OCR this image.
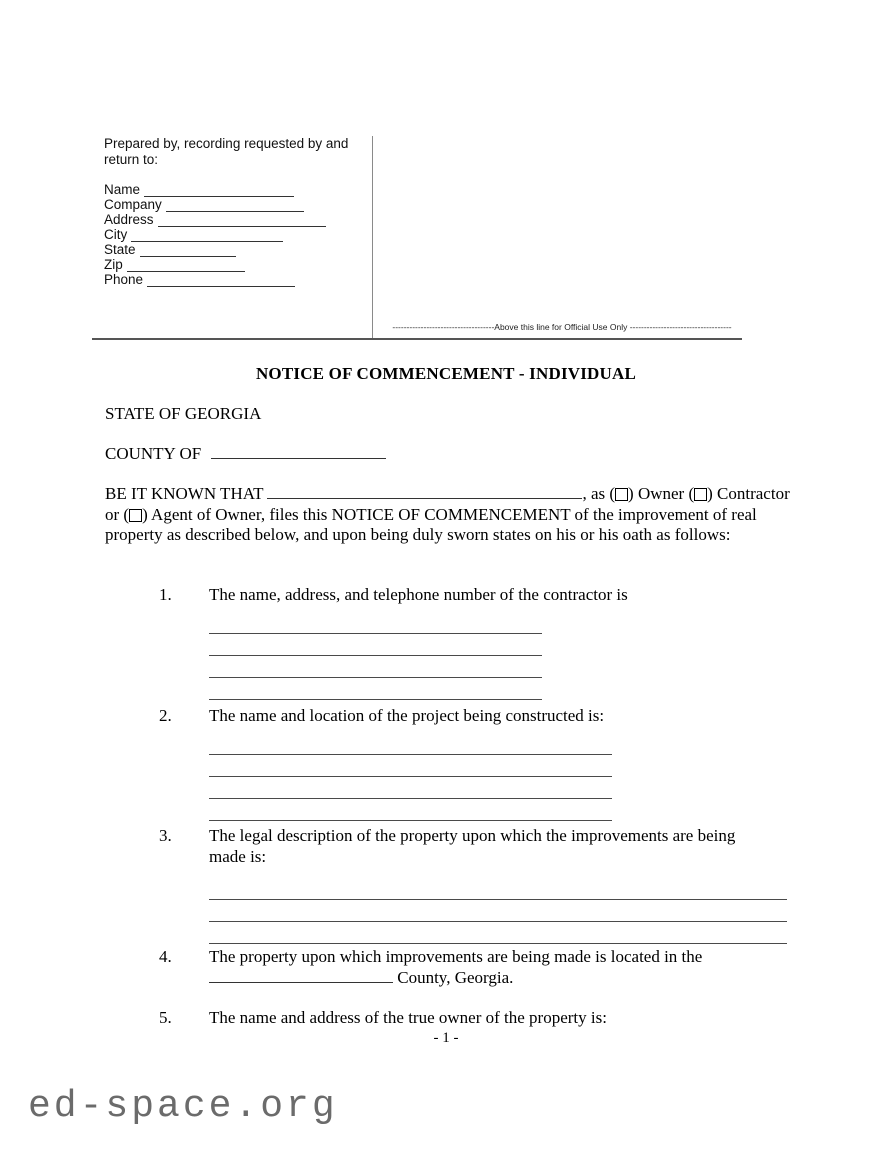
Prepared by, recording requested by and return to:
Name
Company
Address
City
State
Zip
Phone
------------------------------------Above this line for Official Use Only ------------------------------------
NOTICE OF COMMENCEMENT - INDIVIDUAL
STATE OF GEORGIA
COUNTY OF
BE IT KNOWN THAT	, as ( ) Owner ( ) Contractor or ( ) Agent of Owner, files this NOTICE OF COMMENCEMENT of the improvement of real property as described below, and upon being duly sworn states on his or his oath as follows:
1.	The name, address, and telephone number of the contractor is
2.	The name and location of the project being constructed is:
3.	The legal description of the property upon which the improvements are being made is:
4.	The property upon which improvements are being made is located in the
County, Georgia.
5.	The name and address of the true owner of the property is:
- 1 -
ed-space.org
